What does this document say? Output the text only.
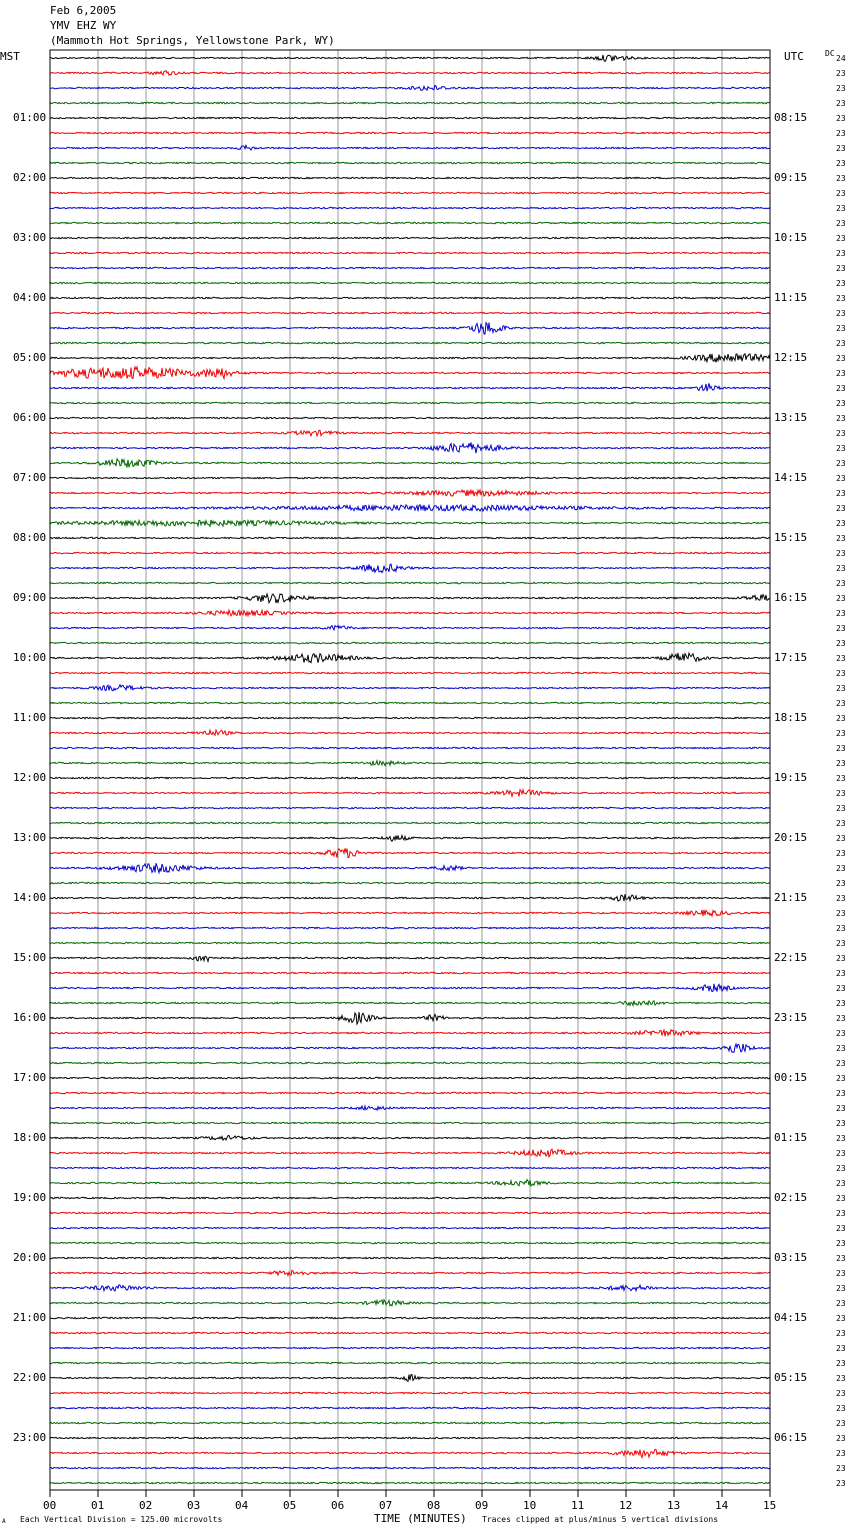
Feb 6,2005
YMV EHZ WY
(Mammoth Hot Springs, Yellowstone Park, WY)
MST	UTC	DC
01:00
02:00
03:00
04:00
05:00
06:00
07:00
08:00
09:00
10:00
11:00
12:00
13:00
14:00
15:00
16:00
17:00
18:00
19:00
20:00
21:00
22:00
23:00
08:15
09:15
10:15
11:15
12:15
13:15
14:15
15:15
16:15
17:15
18:15
19:15
20:15
21:15
22:15
23:15
00:15
01:15
02:15
03:15
04:15
05:15
06:15
24
23
23
23
23
23
23
23
23
23
23
23
23
23
23
23
23
23
23
23
23
23
23
23
23
23
23
23
23
23
23
23
23
23
23
23
23
23
23
23
23
23
23
23
23
23
23
23
23
23
23
23
23
23
23
23
23
23
23
23
23
23
23
23
23
23
23
23
23
23
23
23
23
23
23
23
23
23
23
23
23
23
23
23
23
23
23
23
23
23
23
23
23
23
23
23
00	01	02	03	04	05	06	07	08	09	10	11	12	13	14	15
TIME (MINUTES)
Each Vertical Division = 125.00 microvolts	Traces clipped at plus/minus 5 vertical divisions
A
